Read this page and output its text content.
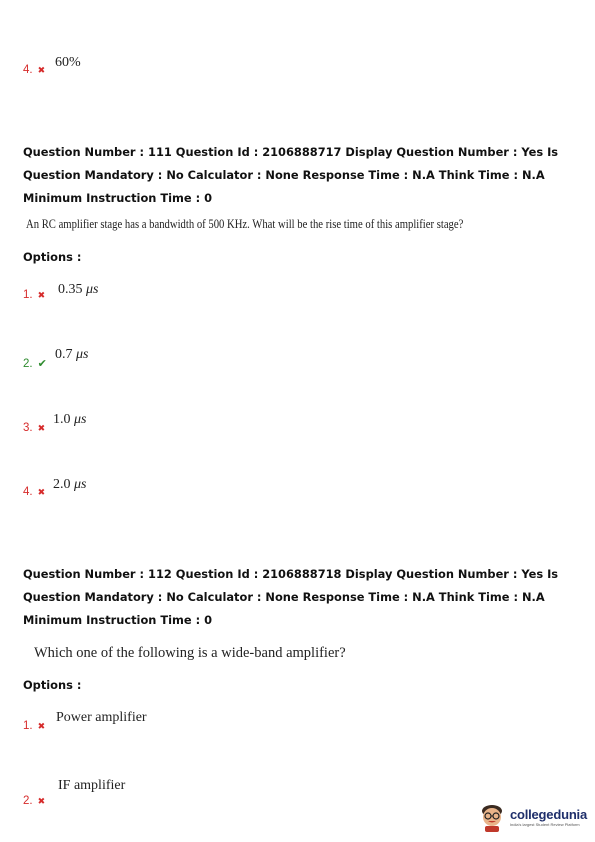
4. ✖ 60%
Question Number : 111 Question Id : 2106888717 Display Question Number : Yes Is Question Mandatory : No Calculator : None Response Time : N.A Think Time : N.A Minimum Instruction Time : 0
An RC amplifier stage has a bandwidth of 500 KHz. What will be the rise time of this amplifier stage?
Options :
1. ✖ 0.35 μs
2. ✔
0.7 μs
3. ✖
1.0 μs
4. ✖ 2.0 μs
Question Number : 112 Question Id : 2106888718 Display Question Number : Yes Is Question Mandatory : No Calculator : None Response Time : N.A Think Time : N.A Minimum Instruction Time : 0
Which one of the following is a wide-band amplifier?
Options :
1. ✖
Power amplifier
2. ✖
IF amplifier
collegedunia
India's largest Student Review Platform
